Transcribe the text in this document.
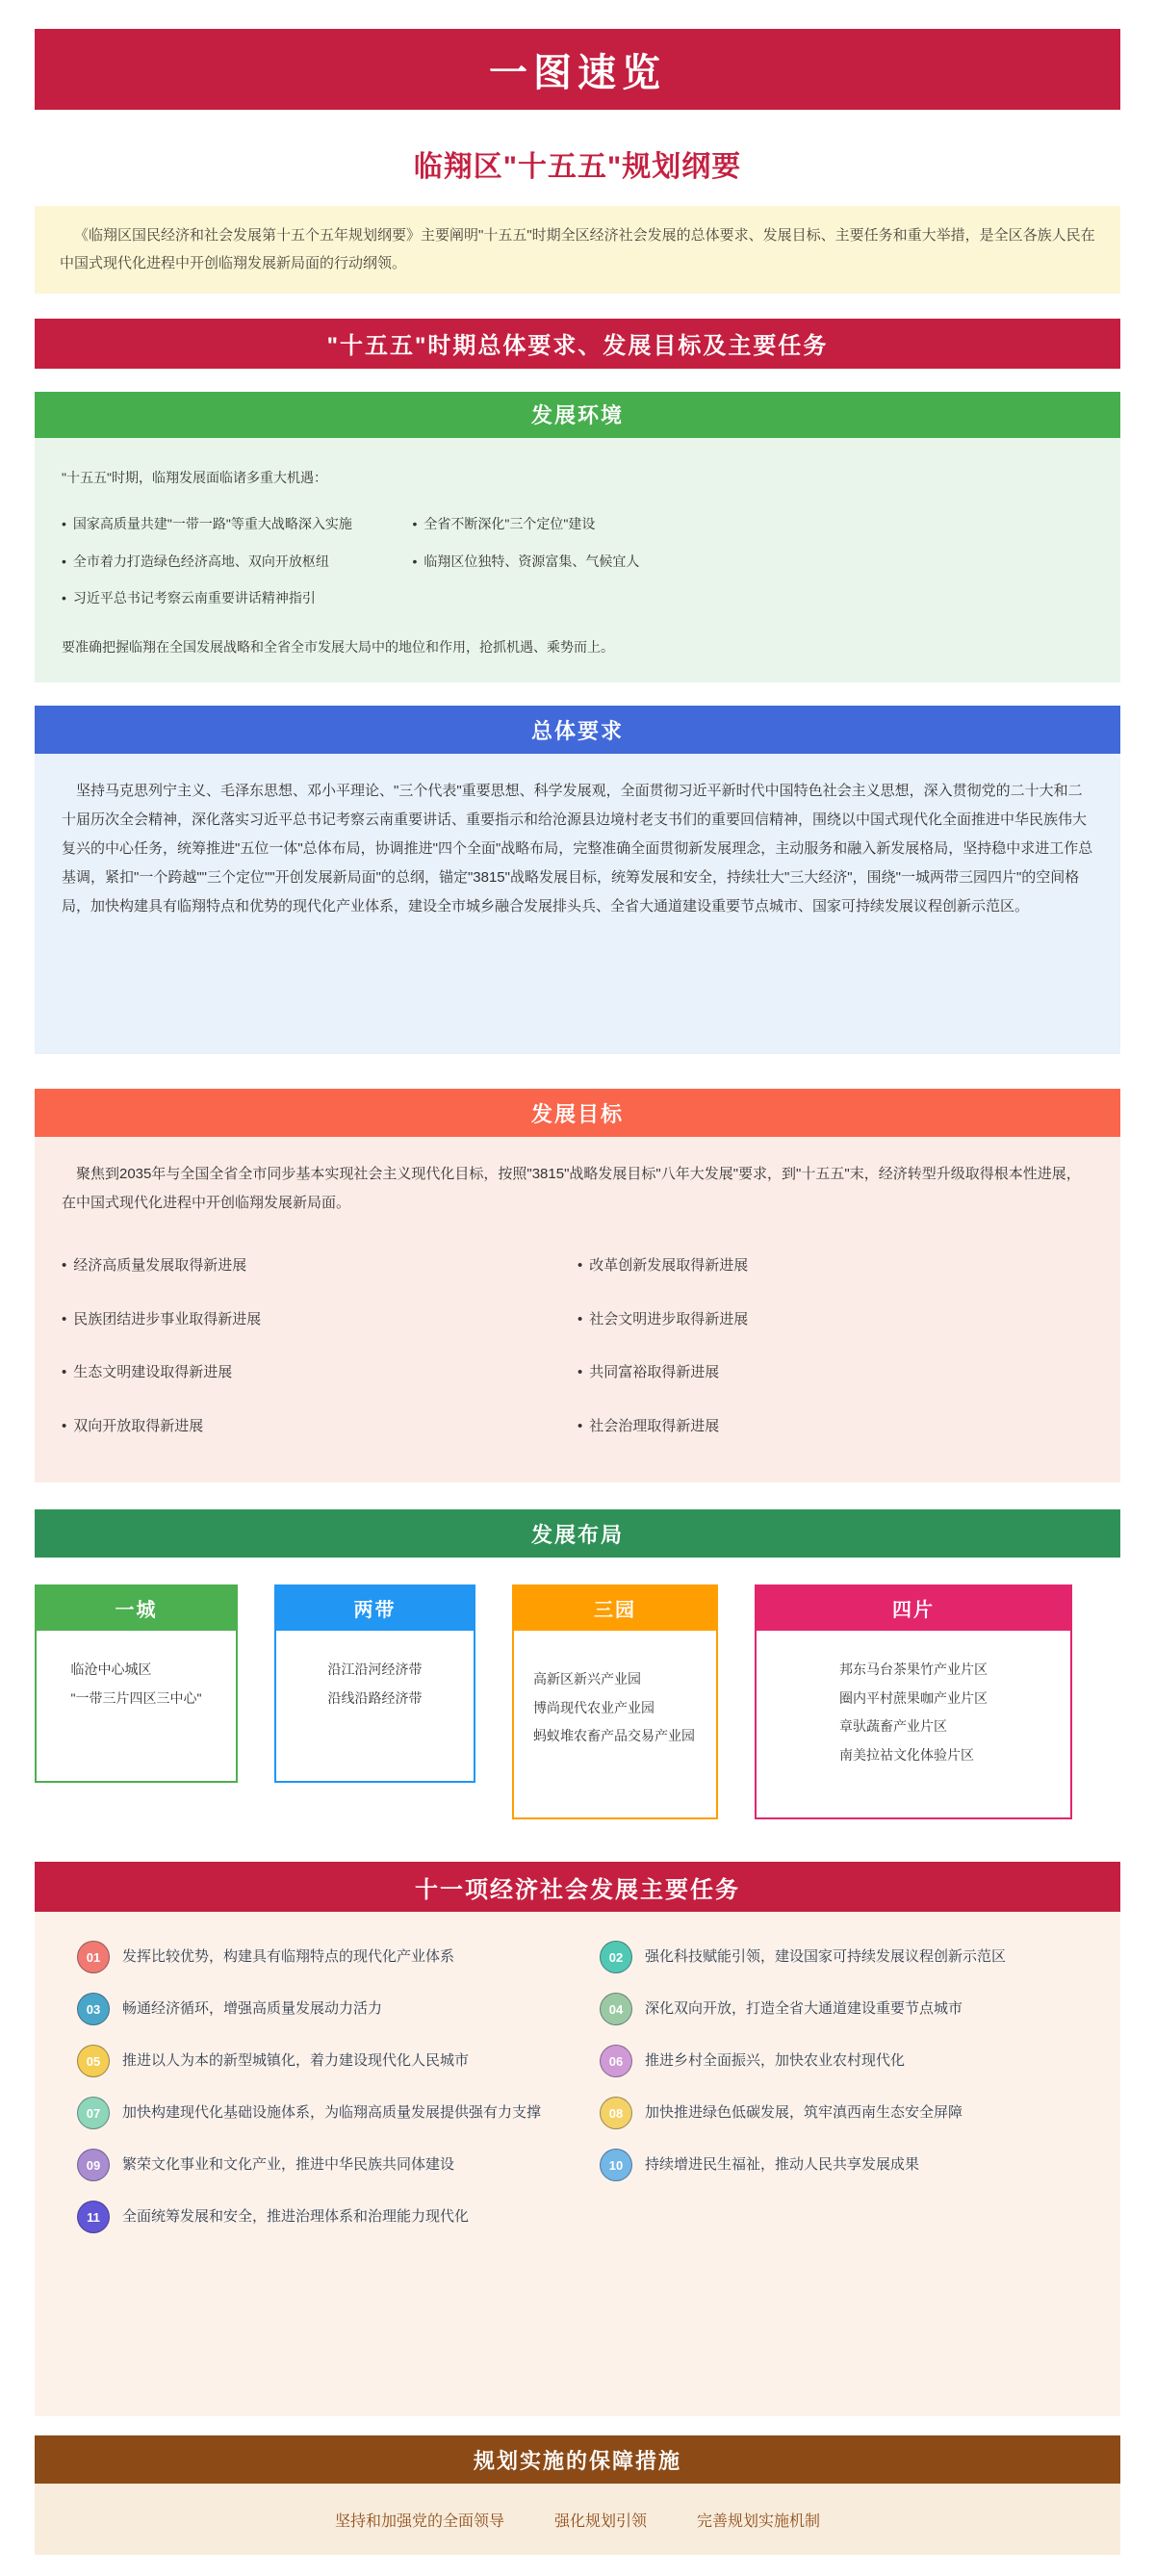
一图速览
临翔区"十五五"规划纲要

《临翔区国民经济和社会发展第十五个五年规划纲要》主要阐明"十五五"时期全区经济社会发展的总体要求、发展目标、主要任务和重大举措，是全区各族人民在中国式现代化进程中开创临翔发展新局面的行动纲领。

"十五五"时期总体要求、发展目标及主要任务
发展环境

"十五五"时期，临翔发展面临诸多重大机遇：

• 国家高质量共建"一带一路"等重大战略深入实施	• 全省不断深化"三个定位"建设
• 全市着力打造绿色经济高地、双向开放枢纽	• 临翔区位独特、资源富集、气候宜人
• 习近平总书记考察云南重要讲话精神指引

要准确把握临翔在全国发展战略和全省全市发展大局中的地位和作用，抢抓机遇、乘势而上。

总体要求

坚持马克思列宁主义、毛泽东思想、邓小平理论、"三个代表"重要思想、科学发展观，全面贯彻习近平新时代中国特色社会主义思想，深入贯彻党的二十大和二十届历次全会精神，深化落实习近平总书记考察云南重要讲话、重要指示和给沧源县边境村老支书们的重要回信精神，围绕以中国式现代化全面推进中华民族伟大复兴的中心任务，统筹推进"五位一体"总体布局，协调推进"四个全面"战略布局，完整准确全面贯彻新发展理念，主动服务和融入新发展格局，坚持稳中求进工作总基调，紧扣"一个跨越""三个定位""开创发展新局面"的总纲，锚定"3815"战略发展目标，统筹发展和安全，持续壮大"三大经济"，围绕"一城两带三园四片"的空间格局，加快构建具有临翔特点和优势的现代化产业体系，建设全市城乡融合发展排头兵、全省大通道建设重要节点城市、国家可持续发展议程创新示范区。

发展目标

聚焦到2035年与全国全省全市同步基本实现社会主义现代化目标，按照"3815"战略发展目标"八年大发展"要求，到"十五五"末，经济转型升级取得根本性进展，在中国式现代化进程中开创临翔发展新局面。

• 经济高质量发展取得新进展	• 改革创新发展取得新进展
• 民族团结进步事业取得新进展	• 社会文明进步取得新进展
• 生态文明建设取得新进展	• 共同富裕取得新进展
• 双向开放取得新进展	• 社会治理取得新进展
发展布局
一城
临沧中心城区
"一带三片四区三中心"
两带
沿江沿河经济带
沿线沿路经济带
三园
高新区新兴产业园
博尚现代农业产业园
蚂蚁堆农畜产品交易产业园
四片
邦东马台茶果竹产业片区
圈内平村蔗果咖产业片区
章驮蔬畜产业片区
南美拉祜文化体验片区
十一项经济社会发展主要任务
01	发挥比较优势，构建具有临翔特点的现代化产业体系	02	强化科技赋能引领，建设国家可持续发展议程创新示范区
03	畅通经济循环，增强高质量发展动力活力	04	深化双向开放，打造全省大通道建设重要节点城市
05	推进以人为本的新型城镇化，着力建设现代化人民城市	06	推进乡村全面振兴，加快农业农村现代化
07	加快构建现代化基础设施体系，为临翔高质量发展提供强有力支撑	08	加快推进绿色低碳发展，筑牢滇西南生态安全屏障
09	繁荣文化事业和文化产业，推进中华民族共同体建设	10	持续增进民生福祉，推动人民共享发展成果
11	全面统筹发展和安全，推进治理体系和治理能力现代化
规划实施的保障措施
坚持和加强党的全面领导	强化规划引领	完善规划实施机制
